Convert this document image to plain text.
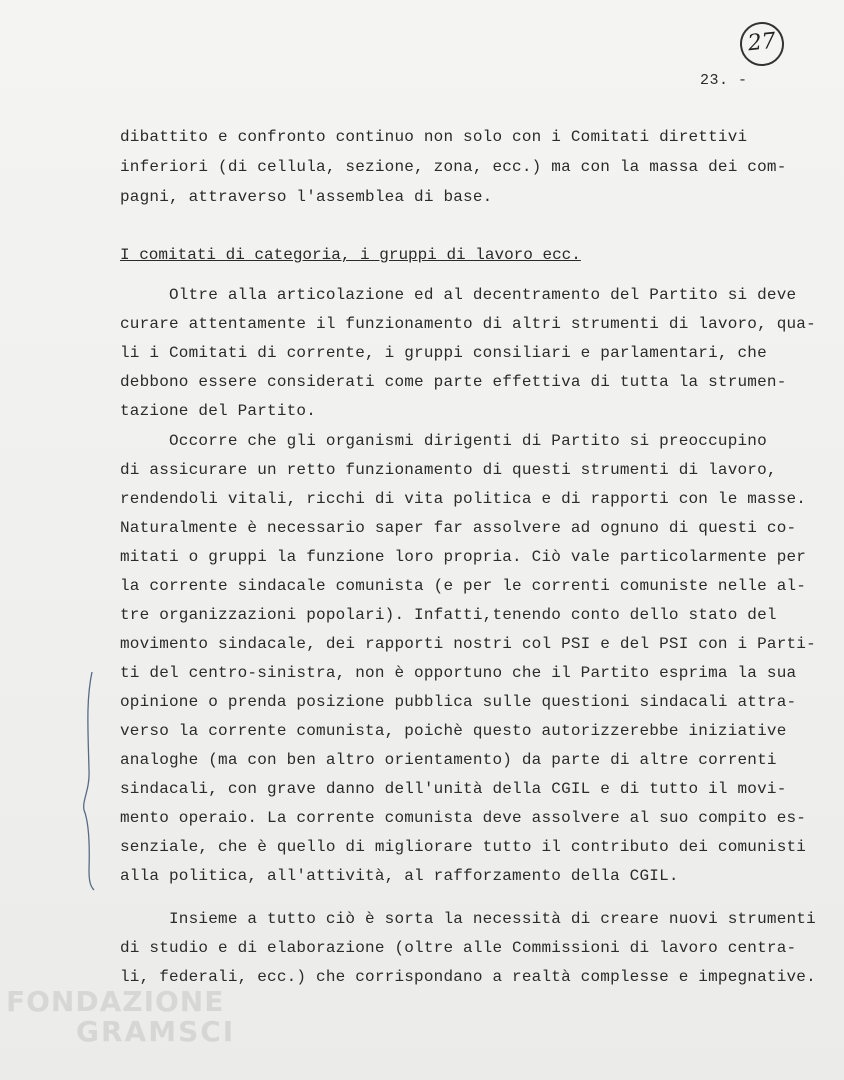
27
23. -
dibattito e confronto continuo non solo con i Comitati direttivi
inferiori (di cellula, sezione, zona, ecc.) ma con la massa dei com-
pagni, attraverso l'assemblea di base.
I comitati di categoria, i gruppi di lavoro ecc.
Oltre alla articolazione ed al decentramento del Partito si deve
curare attentamente il funzionamento di altri strumenti di lavoro, qua-
li i Comitati di corrente, i gruppi consiliari e parlamentari, che
debbono essere considerati come parte effettiva di tutta la strumen-
tazione del Partito.
Occorre che gli organismi dirigenti di Partito si preoccupino
di assicurare un retto funzionamento di questi strumenti di lavoro,
rendendoli vitali, ricchi di vita politica e di rapporti con le masse.
Naturalmente è necessario saper far assolvere ad ognuno di questi co-
mitati o gruppi la funzione loro propria. Ciò vale particolarmente per
la corrente sindacale comunista (e per le correnti comuniste nelle al-
tre organizzazioni popolari). Infatti,tenendo conto dello stato del
movimento sindacale, dei rapporti nostri col PSI e del PSI con i Parti-
ti del centro-sinistra, non è opportuno che il Partito esprima la sua
opinione o prenda posizione pubblica sulle questioni sindacali attra-
verso la corrente comunista, poichè questo autorizzerebbe iniziative
analoghe (ma con ben altro orientamento) da parte di altre correnti
sindacali, con grave danno dell'unità della CGIL e di tutto il movi-
mento operaio. La corrente comunista deve assolvere al suo compito es-
senziale, che è quello di migliorare tutto il contributo dei comunisti
alla politica, all'attività, al rafforzamento della CGIL.
Insieme a tutto ciò è sorta la necessità di creare nuovi strumenti
di studio e di elaborazione (oltre alle Commissioni di lavoro centra-
li, federali, ecc.) che corrispondano a realtà complesse e impegnative.
FONDAZIONE
GRAMSCI
